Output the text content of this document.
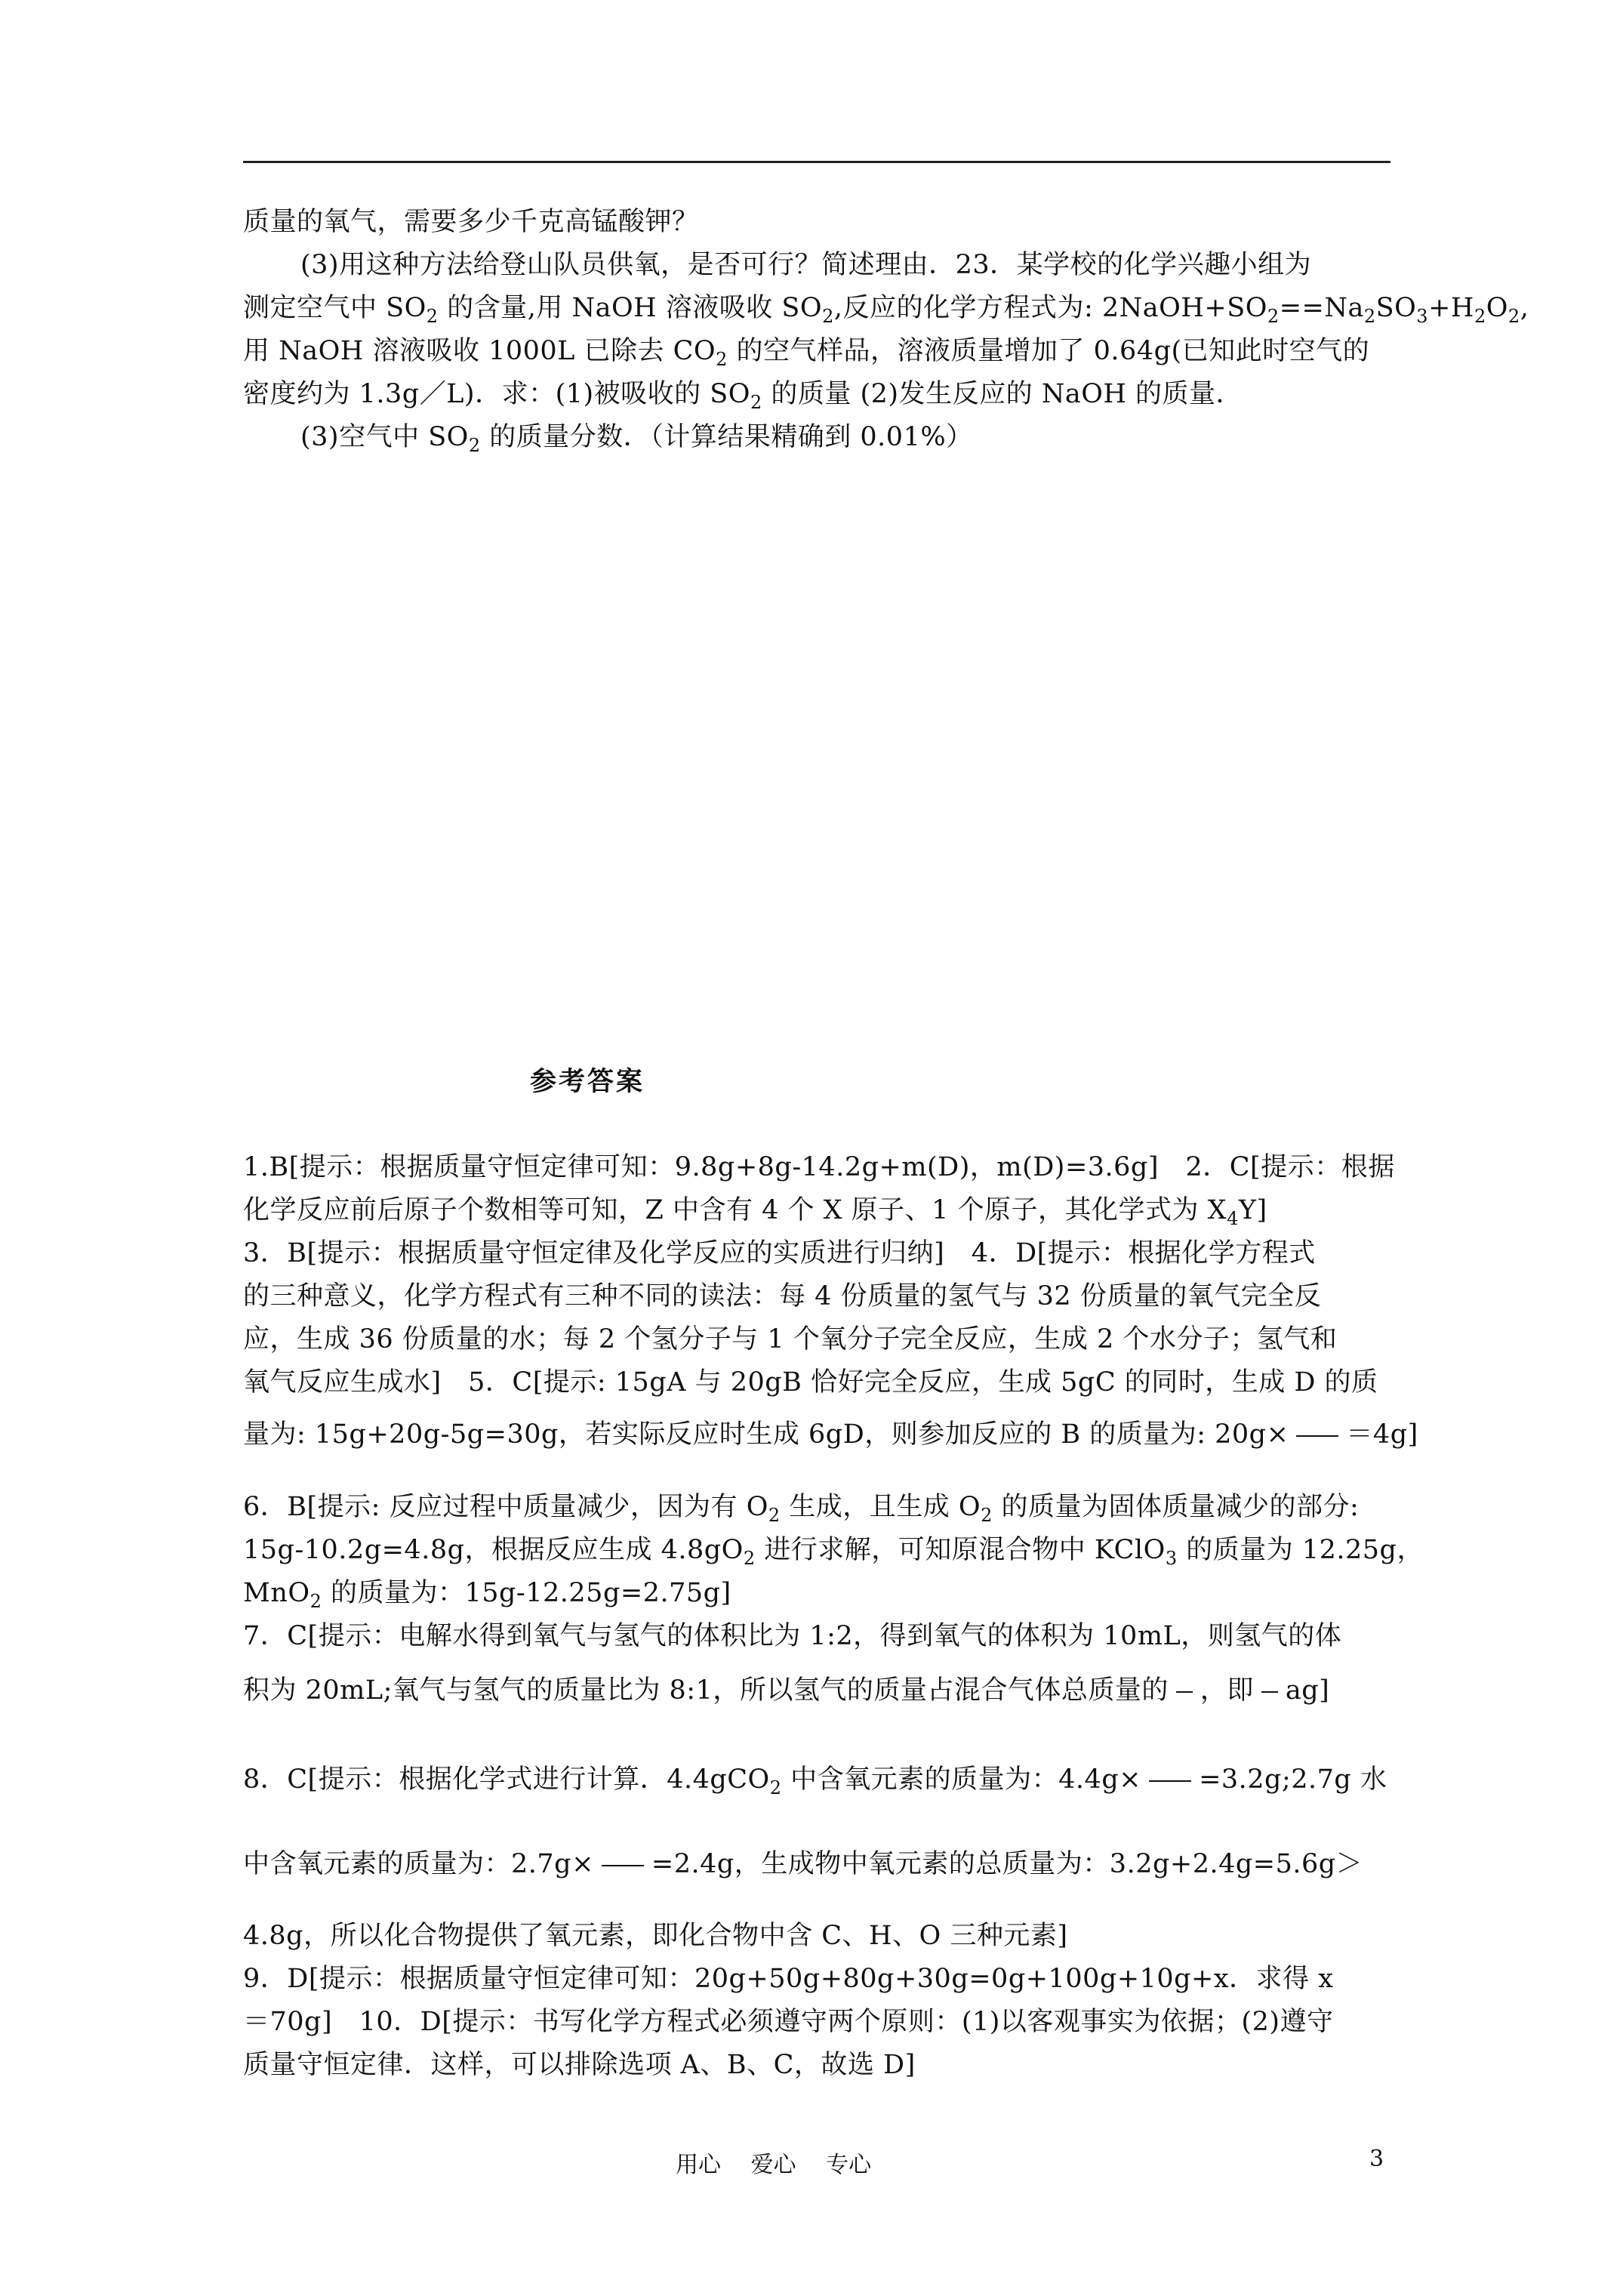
质量的氧气，需要多少千克高锰酸钾？
(3)用这种方法给登山队员供氧，是否可行？简述理由．23．某学校的化学兴趣小组为
测定空气中 $SO_2$ 的含量,用 NaOH 溶液吸收 $SO_2$,反应的化学方程式为: $2NaOH+SO_2==Na_2SO_3+H_2O_2$,
用 NaOH 溶液吸收 1000L 已除去 $CO_2$ 的空气样品，溶液质量增加了 0.64g(已知此时空气的
密度约为 1.3g／L)．求：(1)被吸收的 $SO_2$ 的质量 (2)发生反应的 NaOH 的质量．
(3)空气中 $SO_2$ 的质量分数．（计算结果精确到 0.01%）
参考答案
1.B[提示：根据质量守恒定律可知：9.8g+8g-14.2g+m(D)，m(D)=3.6g]　2．C[提示：根据
化学反应前后原子个数相等可知，Z 中含有 4 个 X 原子、1 个原子，其化学式为 $X_4Y$]
3．B[提示：根据质量守恒定律及化学反应的实质进行归纳]　4．D[提示：根据化学方程式
的三种意义，化学方程式有三种不同的读法：每 4 份质量的氢气与 32 份质量的氧气完全反
应，生成 36 份质量的水；每 2 个氢分子与 1 个氧分子完全反应，生成 2 个水分子；氢气和
氧气反应生成水]　5．C[提示: 15gA 与 20gB 恰好完全反应，生成 5gC 的同时，生成 D 的质
量为: 15g+20g-5g=30g，若实际反应时生成 6gD，则参加反应的 B 的质量为: 20g× ＝4g]
6．B[提示: 反应过程中质量减少，因为有 $O_2$ 生成，且生成 $O_2$ 的质量为固体质量减少的部分:
15g-10.2g=4.8g，根据反应生成 $4.8gO_2$ 进行求解，可知原混合物中 KClO$_3$ 的质量为 12.25g，
MnO$_2$ 的质量为：15g-12.25g=2.75g]
7．C[提示：电解水得到氧气与氢气的体积比为 1:2，得到氧气的体积为 10mL，则氢气的体
积为 20mL;氧气与氢气的质量比为 8:1，所以氢气的质量占混合气体总质量的 ，即 ag]
8．C[提示：根据化学式进行计算．4.4gCO$_2$ 中含氧元素的质量为：4.4g× =3.2g;2.7g 水
中含氧元素的质量为：2.7g× =2.4g，生成物中氧元素的总质量为：3.2g+2.4g=5.6g＞
4.8g，所以化合物提供了氧元素，即化合物中含 C、H、O 三种元素]
9．D[提示：根据质量守恒定律可知：20g+50g+80g+30g=0g+100g+10g+x．求得 x
＝70g]　10．D[提示：书写化学方程式必须遵守两个原则：(1)以客观事实为依据；(2)遵守
质量守恒定律．这样，可以排除选项 A、B、C，故选 D]
用心 爱心 专心	3
